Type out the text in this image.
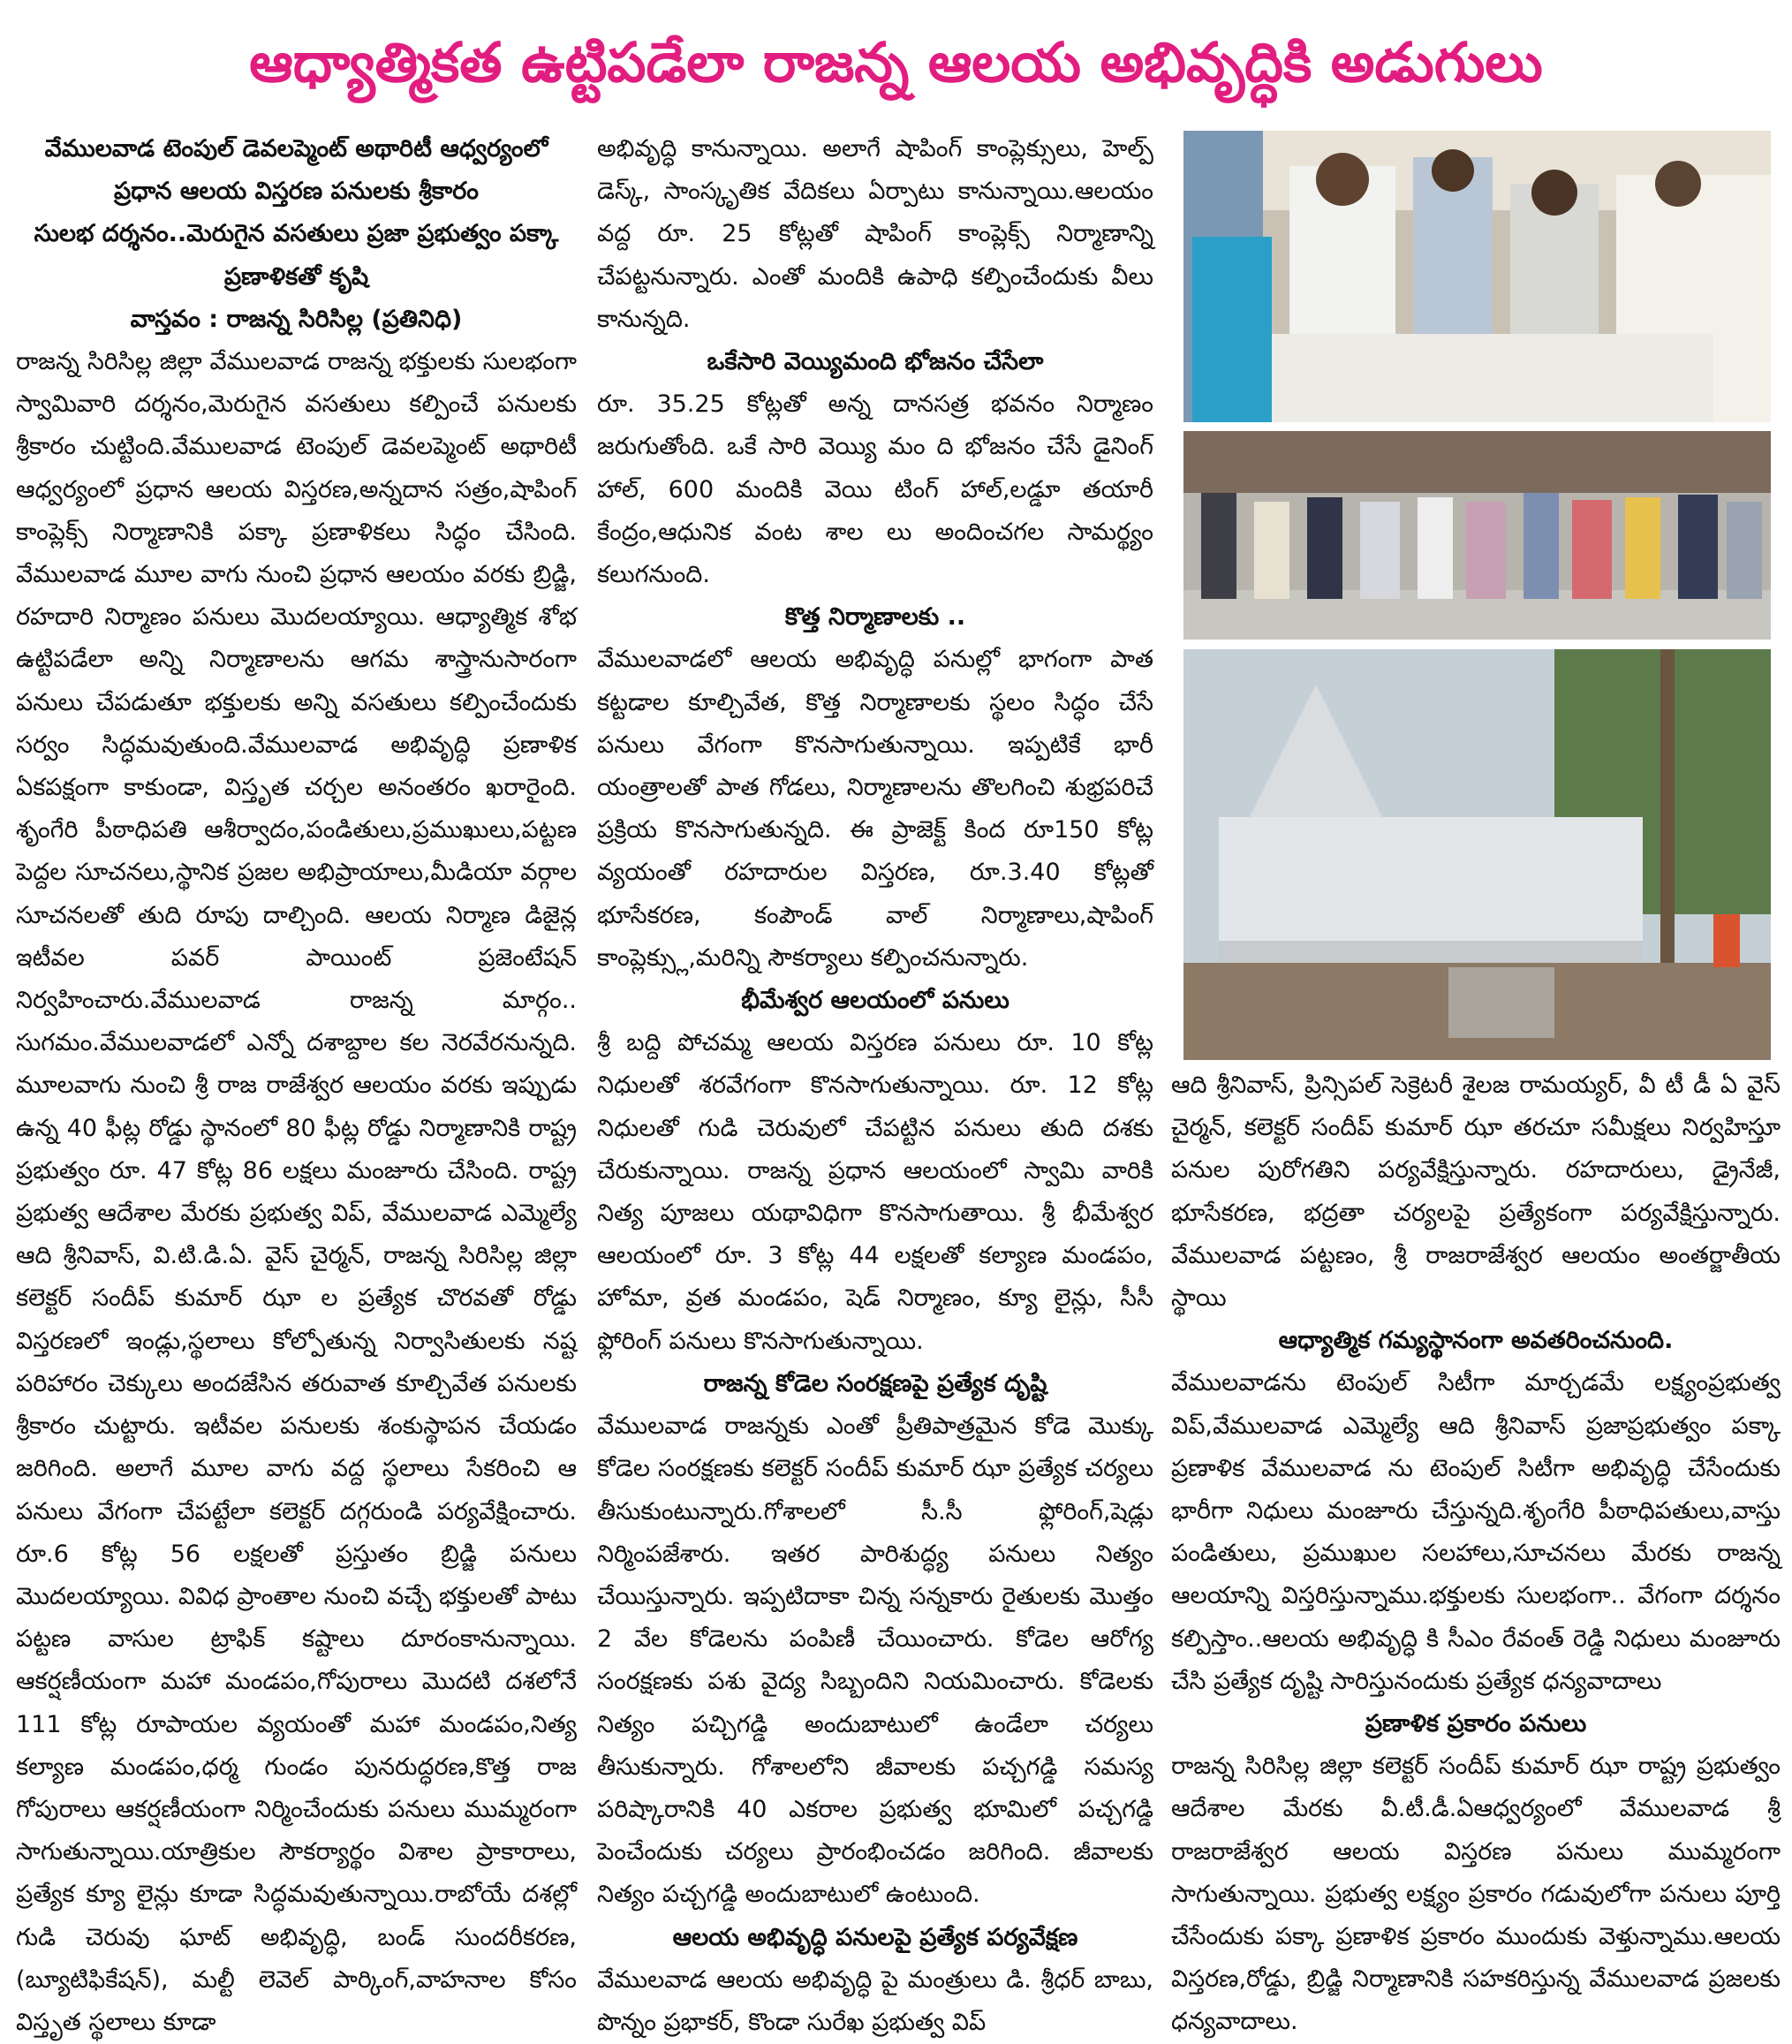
ఆధ్యాత్మికత ఉట్టిపడేలా రాజన్న ఆలయ అభివృద్ధికి అడుగులు

వేములవాడ టెంపుల్ డెవలప్మెంట్ అథారిటీ ఆధ్వర్యంలో

ప్రధాన ఆలయ విస్తరణ పనులకు శ్రీకారం

సులభ దర్శనం..మెరుగైన వసతులు ప్రజా ప్రభుత్వం పక్కా

ప్రణాళికతో కృషి

వాస్తవం : రాజన్న సిరిసిల్ల (ప్రతినిధి)

రాజన్న సిరిసిల్ల జిల్లా వేములవాడ రాజన్న భక్తులకు సులభంగా స్వామివారి దర్శనం,మెరుగైన వసతులు కల్పించే పనులకు శ్రీకారం చుట్టింది.వేములవాడ టెంపుల్ డెవలప్మెంట్ అథారిటీ ఆధ్వర్యంలో ప్రధాన ఆలయ విస్తరణ,అన్నదాన సత్రం,షాపింగ్ కాంప్లెక్స్ నిర్మాణానికి పక్కా ప్రణాళికలు సిద్ధం చేసింది. వేములవాడ మూల వాగు నుంచి ప్రధాన ఆలయం వరకు బ్రిడ్జి, రహదారి నిర్మాణం పనులు మొదలయ్యాయి. ఆధ్యాత్మిక శోభ ఉట్టిపడేలా అన్ని నిర్మాణాలను ఆగమ శాస్త్రానుసారంగా పనులు చేపడుతూ భక్తులకు అన్ని వసతులు కల్పించేందుకు సర్వం సిద్ధమవుతుంది.వేములవాడ అభివృద్ధి ప్రణాళిక ఏకపక్షంగా కాకుండా, విస్తృత చర్చల అనంతరం ఖరారైంది. శృంగేరి పీఠాధిపతి ఆశీర్వాదం,పండితులు,ప్రముఖులు,పట్టణ పెద్దల సూచనలు,స్థానిక ప్రజల అభిప్రాయాలు,మీడియా వర్గాల సూచనలతో తుది రూపు దాల్చింది. ఆలయ నిర్మాణ డిజైన్ల ఇటీవల పవర్ పాయింట్ ప్రజెంటేషన్ నిర్వహించారు.వేములవాడ రాజన్న మార్గం.. సుగమం.వేములవాడలో ఎన్నో దశాబ్దాల కల నెరవేరనున్నది. మూలవాగు నుంచి శ్రీ రాజ రాజేశ్వర ఆలయం వరకు ఇప్పుడు ఉన్న 40 ఫీట్ల రోడ్డు స్థానంలో 80 ఫీట్ల రోడ్డు నిర్మాణానికి రాష్ట్ర ప్రభుత్వం రూ. 47 కోట్ల 86 లక్షలు మంజూరు చేసింది. రాష్ట్ర ప్రభుత్వ ఆదేశాల మేరకు ప్రభుత్వ విప్, వేములవాడ ఎమ్మెల్యే ఆది శ్రీనివాస్, వి.టి.డి.ఏ. వైస్ చైర్మన్, రాజన్న సిరిసిల్ల జిల్లా కలెక్టర్ సందీప్ కుమార్ ఝా ల ప్రత్యేక చొరవతో రోడ్డు విస్తరణలో ఇండ్లు,స్థలాలు కోల్పోతున్న నిర్వాసితులకు నష్ట పరిహారం చెక్కులు అందజేసిన తరువాత కూల్చివేత పనులకు శ్రీకారం చుట్టారు. ఇటీవల పనులకు శంకుస్థాపన చేయడం జరిగింది. అలాగే మూల వాగు వద్ద స్థలాలు సేకరించి ఆ పనులు వేగంగా చేపట్టేలా కలెక్టర్ దగ్గరుండి పర్యవేక్షించారు. రూ.6 కోట్ల 56 లక్షలతో ప్రస్తుతం బ్రిడ్జి పనులు మొదలయ్యాయి. వివిధ ప్రాంతాల నుంచి వచ్చే భక్తులతో పాటు పట్టణ వాసుల ట్రాఫిక్ కష్టాలు దూరంకానున్నాయి. ఆకర్షణీయంగా మహా మండపం,గోపురాలు మొదటి దశలోనే 111 కోట్ల రూపాయల వ్యయంతో మహా మండపం,నిత్య కల్యాణ మండపం,ధర్మ గుండం పునరుద్ధరణ,కొత్త రాజ గోపురాలు ఆకర్షణీయంగా నిర్మించేందుకు పనులు ముమ్మరంగా సాగుతున్నాయి.యాత్రికుల సౌకర్యార్థం విశాల ప్రాకారాలు, ప్రత్యేక క్యూ లైన్లు కూడా సిద్ధమవుతున్నాయి.రాబోయే దశల్లో గుడి చెరువు ఘాట్ అభివృద్ధి, బండ్ సుందరీకరణ, (బ్యూటిఫికేషన్), మల్టీ లెవెల్ పార్కింగ్,వాహనాల కోసం విస్తృత స్థలాలు కూడా

అభివృద్ధి కానున్నాయి. అలాగే షాపింగ్ కాంప్లెక్సులు, హెల్ప్ డెస్క్, సాంస్కృతిక వేదికలు ఏర్పాటు కానున్నాయి.ఆలయం వద్ద రూ. 25 కోట్లతో షాపింగ్ కాంప్లెక్స్ నిర్మాణాన్ని చేపట్టనున్నారు. ఎంతో మందికి ఉపాధి కల్పించేందుకు వీలు కానున్నది.

ఒకేసారి వెయ్యిమంది భోజనం చేసేలా

రూ. 35.25 కోట్లతో అన్న దానసత్ర భవనం నిర్మాణం జరుగుతోంది. ఒకే సారి వెయ్యి మం ది భోజనం చేసే డైనింగ్ హాల్, 600 మందికి వెయి టింగ్ హాల్,లడ్డూ తయారీ కేంద్రం,ఆధునిక వంట శాల లు అందించగల సామర్థ్యం కలుగనుంది.

కొత్త నిర్మాణాలకు ..

వేములవాడలో ఆలయ అభివృద్ధి పనుల్లో భాగంగా పాత కట్టడాల కూల్చివేత, కొత్త నిర్మాణాలకు స్థలం సిద్ధం చేసే పనులు వేగంగా కొనసాగుతున్నాయి. ఇప్పటికే భారీ యంత్రాలతో పాత గోడలు, నిర్మాణాలను తొలగించి శుభ్రపరిచే ప్రక్రియ కొనసాగుతున్నది. ఈ ప్రాజెక్ట్ కింద రూ150 కోట్ల వ్యయంతో రహదారుల విస్తరణ, రూ.3.40 కోట్లతో భూసేకరణ, కంపౌండ్ వాల్ నిర్మాణాలు,షాపింగ్ కాంప్లెక్స్లు,మరిన్ని సౌకర్యాలు కల్పించనున్నారు.

భీమేశ్వర ఆలయంలో పనులు

శ్రీ బద్ది పోచమ్మ ఆలయ విస్తరణ పనులు రూ. 10 కోట్ల నిధులతో శరవేగంగా కొనసాగుతున్నాయి. రూ. 12 కోట్ల నిధులతో గుడి చెరువులో చేపట్టిన పనులు తుది దశకు చేరుకున్నాయి. రాజన్న ప్రధాన ఆలయంలో స్వామి వారికి నిత్య పూజలు యథావిధిగా కొనసాగుతాయి. శ్రీ భీమేశ్వర ఆలయంలో రూ. 3 కోట్ల 44 లక్షలతో కల్యాణ మండపం, హోమా, వ్రత మండపం, షెడ్ నిర్మాణం, క్యూ లైన్లు, సీసీ ఫ్లోరింగ్ పనులు కొనసాగుతున్నాయి.

రాజన్న కోడెల సంరక్షణపై ప్రత్యేక దృష్టి

వేములవాడ రాజన్నకు ఎంతో ప్రీతిపాత్రమైన కోడె మొక్కు కోడెల సంరక్షణకు కలెక్టర్ సందీప్ కుమార్ ఝా ప్రత్యేక చర్యలు తీసుకుంటున్నారు.గోశాలలో సీ.సీ ఫ్లోరింగ్,షెడ్లు నిర్మింపజేశారు. ఇతర పారిశుద్ధ్య పనులు నిత్యం చేయిస్తున్నారు. ఇప్పటిదాకా చిన్న సన్నకారు రైతులకు మొత్తం 2 వేల కోడెలను పంపిణీ చేయించారు. కోడెల ఆరోగ్య సంరక్షణకు పశు వైద్య సిబ్బందిని నియమించారు. కోడెలకు నిత్యం పచ్చిగడ్డి అందుబాటులో ఉండేలా చర్యలు తీసుకున్నారు. గోశాలలోని జీవాలకు పచ్చగడ్డి సమస్య పరిష్కారానికి 40 ఎకరాల ప్రభుత్వ భూమిలో పచ్చగడ్డి పెంచేందుకు చర్యలు ప్రారంభించడం జరిగింది. జీవాలకు నిత్యం పచ్చగడ్డి అందుబాటులో ఉంటుంది.

ఆలయ అభివృద్ధి పనులపై ప్రత్యేక పర్యవేక్షణ

వేములవాడ ఆలయ అభివృద్ధి పై మంత్రులు డి. శ్రీధర్ బాబు, పొన్నం ప్రభాకర్, కొండా సురేఖ ప్రభుత్వ విప్

ఆది శ్రీనివాస్, ప్రిన్సిపల్ సెక్రెటరీ శైలజ రామయ్యర్, వీ టీ డీ ఏ వైస్ చైర్మన్, కలెక్టర్ సందీప్ కుమార్ ఝా తరచూ సమీక్షలు నిర్వహిస్తూ పనుల పురోగతిని పర్యవేక్షిస్తున్నారు. రహదారులు, డ్రైనేజీ, భూసేకరణ, భద్రతా చర్యలపై ప్రత్యేకంగా పర్యవేక్షిస్తున్నారు. వేములవాడ పట్టణం, శ్రీ రాజరాజేశ్వర ఆలయం అంతర్జాతీయ స్థాయి

ఆధ్యాత్మిక గమ్యస్థానంగా అవతరించనుంది.

వేములవాడను టెంపుల్ సిటీగా మార్చడమే లక్ష్యంప్రభుత్వ విప్,వేములవాడ ఎమ్మెల్యే ఆది శ్రీనివాస్ ప్రజాప్రభుత్వం పక్కా ప్రణాళిక వేములవాడ ను టెంపుల్ సిటీగా అభివృద్ధి చేసేందుకు భారీగా నిధులు మంజూరు చేస్తున్నది.శృంగేరి పీఠాధిపతులు,వాస్తు పండితులు, ప్రముఖుల సలహాలు,సూచనలు మేరకు రాజన్న ఆలయాన్ని విస్తరిస్తున్నాము.భక్తులకు సులభంగా.. వేగంగా దర్శనం కల్పిస్తాం..ఆలయ అభివృద్ధి కి సీఎం రేవంత్ రెడ్డి నిధులు మంజూరు చేసి ప్రత్యేక దృష్టి సారిస్తునందుకు ప్రత్యేక ధన్యవాదాలు

ప్రణాళిక ప్రకారం పనులు

రాజన్న సిరిసిల్ల జిల్లా కలెక్టర్ సందీప్ కుమార్ ఝా రాష్ట్ర ప్రభుత్వం ఆదేశాల మేరకు వీ.టీ.డీ.ఏఆధ్వర్యంలో వేములవాడ శ్రీ రాజరాజేశ్వర ఆలయ విస్తరణ పనులు ముమ్మరంగా సాగుతున్నాయి. ప్రభుత్వ లక్ష్యం ప్రకారం గడువులోగా పనులు పూర్తి చేసేందుకు పక్కా ప్రణాళిక ప్రకారం ముందుకు వెళ్తున్నాము.ఆలయ విస్తరణ,రోడ్డు, బ్రిడ్జి నిర్మాణానికి సహకరిస్తున్న వేములవాడ ప్రజలకు ధన్యవాదాలు.
